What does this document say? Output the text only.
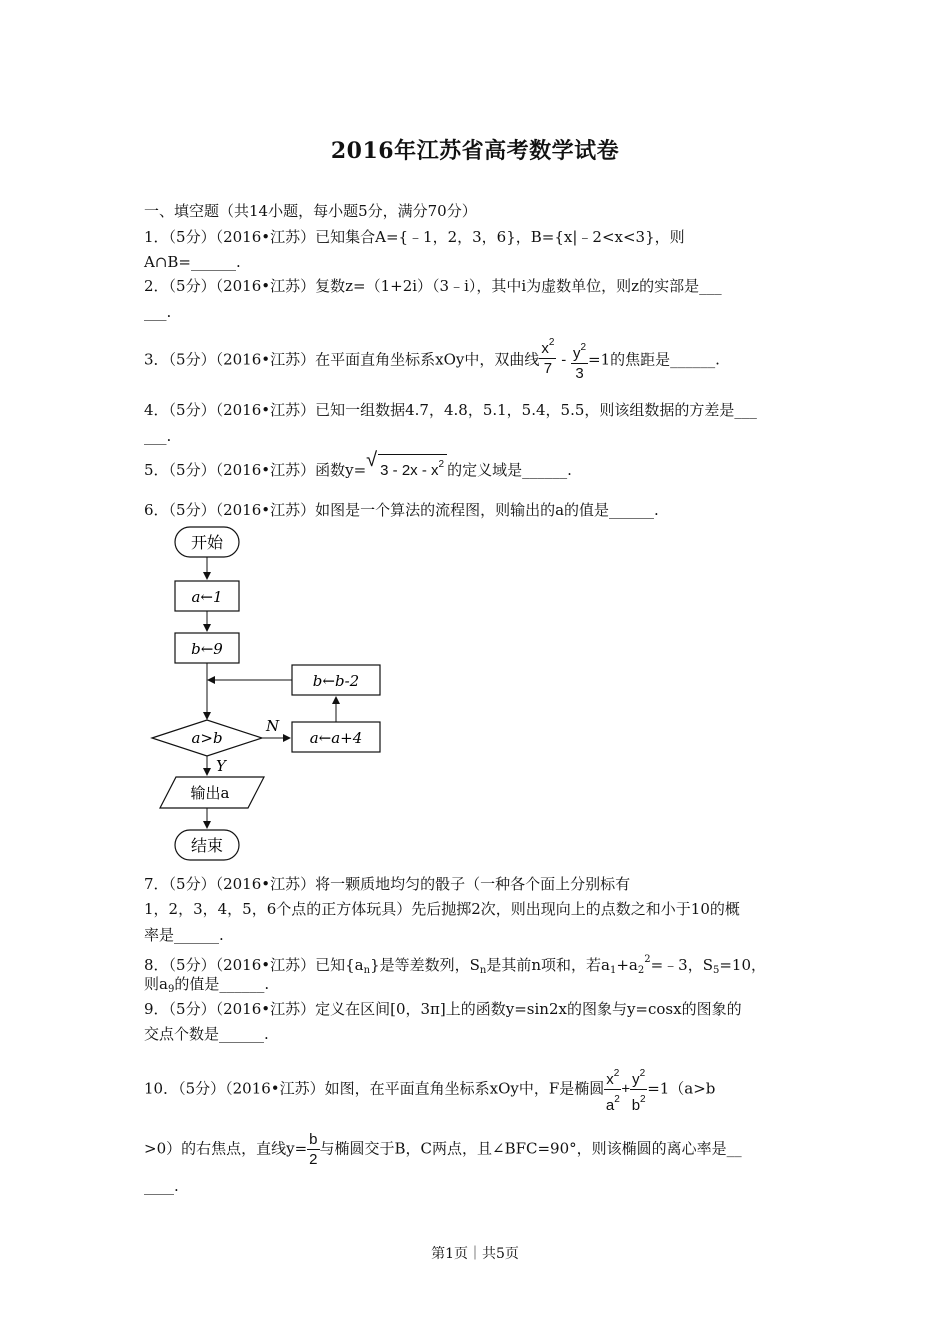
2016年江苏省高考数学试卷
一、填空题（共14小题，每小题5分，满分70分）
1．（5分）（2016•江苏）已知集合A={﹣1，2，3，6}，B={x|﹣2<x<3}，则
A∩B=______.
2．（5分）（2016•江苏）复数z=（1+2i）（3﹣i），其中i为虚数单位，则z的实部是___
___.
3．（5分）（2016•江苏）在平面直角坐标系xOy中，双曲线 $\frac{x^2}{7} - \frac{y^2}{3} =1$的焦距是______.
4．（5分）（2016•江苏）已知一组数据4.7，4.8，5.1，5.4，5.5，则该组数据的方差是___
___.
5．（5分）（2016•江苏）函数y= √ $3 - 2x - x^2$ 的定义域是______.
6．（5分）（2016•江苏）如图是一个算法的流程图，则输出的a的值是______.
开始
a←1
b←9
b←b-2
a>b
N
a←a+4
Y
输出a
结束
7．（5分）（2016•江苏）将一颗质地均匀的骰子（一种各个面上分别标有
1，2，3，4，5，6个点的正方体玩具）先后抛掷2次，则出现向上的点数之和小于10的概
率是______.
8．（5分）（2016•江苏）已知$\{a_n\}$是等差数列，$S_n$是其前n项和，若$a_1+a_2^2=﹣3$，$S_5=10$，
则$a_9$的值是______.
9．（5分）（2016•江苏）定义在区间[0，3π]上的函数y=sin2x的图象与y=cosx的图象的
交点个数是______.
10．（5分）（2016•江苏）如图，在平面直角坐标系xOy中，F是椭圆 $\frac{x^2}{a^2} + \frac{y^2}{b^2} =1(a>b$
>0）的右焦点，直线$y= \frac{b}{2}$ 与椭圆交于B，C两点，且∠BFC=90°，则该椭圆的离心率是__
____.
第1页｜共5页
